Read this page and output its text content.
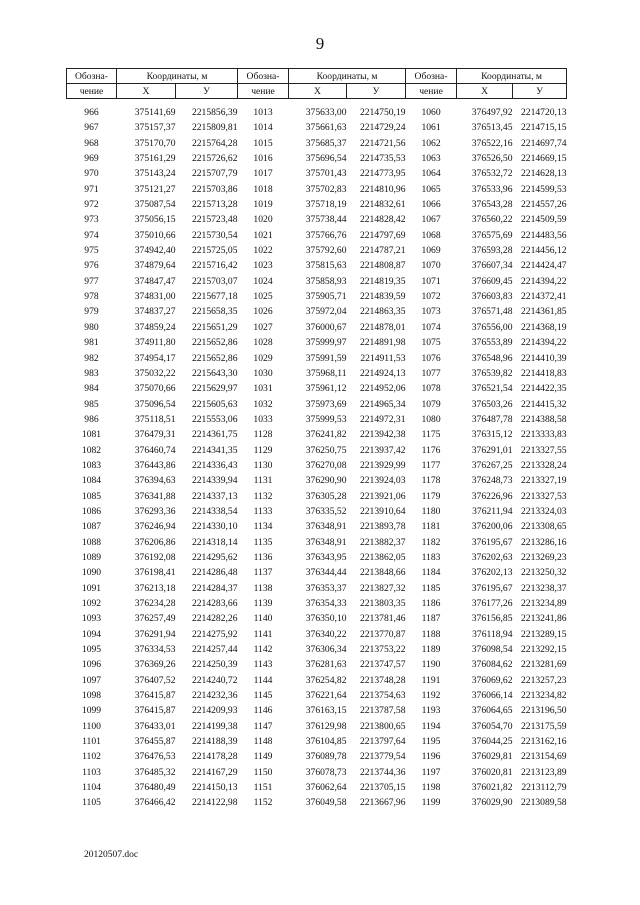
9
Обозна-	Координаты, м		Обозна-	Координаты, м		Обозна-	Координаты, м	
чение	Х	У	чение	Х	У	чение	Х	У
966	375141,69	2215856,39	1013	375633,00	2214750,19	1060	376497,92	2214720,13
967	375157,37	2215809,81	1014	375661,63	2214729,24	1061	376513,45	2214715,15
968	375170,70	2215764,28	1015	375685,37	2214721,56	1062	376522,16	2214697,74
969	375161,29	2215726,62	1016	375696,54	2214735,53	1063	376526,50	2214669,15
970	375143,24	2215707,79	1017	375701,43	2214773,95	1064	376532,72	2214628,13
971	375121,27	2215703,86	1018	375702,83	2214810,96	1065	376533,96	2214599,53
972	375087,54	2215713,28	1019	375718,19	2214832,61	1066	376543,28	2214557,26
973	375056,15	2215723,48	1020	375738,44	2214828,42	1067	376560,22	2214509,59
974	375010,66	2215730,54	1021	375766,76	2214797,69	1068	376575,69	2214483,56
975	374942,40	2215725,05	1022	375792,60	2214787,21	1069	376593,28	2214456,12
976	374879,64	2215716,42	1023	375815,63	2214808,87	1070	376607,34	2214424,47
977	374847,47	2215703,07	1024	375858,93	2214819,35	1071	376609,45	2214394,22
978	374831,00	2215677,18	1025	375905,71	2214839,59	1072	376603,83	2214372,41
979	374837,27	2215658,35	1026	375972,04	2214863,35	1073	376571,48	2214361,85
980	374859,24	2215651,29	1027	376000,67	2214878,01	1074	376556,00	2214368,19
981	374911,80	2215652,86	1028	375999,97	2214891,98	1075	376553,89	2214394,22
982	374954,17	2215652,86	1029	375991,59	2214911,53	1076	376548,96	2214410,39
983	375032,22	2215643,30	1030	375968,11	2214924,13	1077	376539,82	2214418,83
984	375070,66	2215629,97	1031	375961,12	2214952,06	1078	376521,54	2214422,35
985	375096,54	2215605,63	1032	375973,69	2214965,34	1079	376503,26	2214415,32
986	375118,51	2215553,06	1033	375999,53	2214972,31	1080	376487,78	2214388,58
1081	376479,31	2214361,75	1128	376241,82	2213942,38	1175	376315,12	2213333,83
1082	376460,74	2214341,35	1129	376250,75	2213937,42	1176	376291,01	2213327,55
1083	376443,86	2214336,43	1130	376270,08	2213929,99	1177	376267,25	2213328,24
1084	376394,63	2214339,94	1131	376290,90	2213924,03	1178	376248,73	2213327,19
1085	376341,88	2214337,13	1132	376305,28	2213921,06	1179	376226,96	2213327,53
1086	376293,36	2214338,54	1133	376335,52	2213910,64	1180	376211,94	2213324,03
1087	376246,94	2214330,10	1134	376348,91	2213893,78	1181	376200,06	2213308,65
1088	376206,86	2214318,14	1135	376348,91	2213882,37	1182	376195,67	2213286,16
1089	376192,08	2214295,62	1136	376343,95	2213862,05	1183	376202,63	2213269,23
1090	376198,41	2214286,48	1137	376344,44	2213848,66	1184	376202,13	2213250,32
1091	376213,18	2214284,37	1138	376353,37	2213827,32	1185	376195,67	2213238,37
1092	376234,28	2214283,66	1139	376354,33	2213803,35	1186	376177,26	2213234,89
1093	376257,49	2214282,26	1140	376350,10	2213781,46	1187	376156,85	2213241,86
1094	376291,94	2214275,92	1141	376340,22	2213770,87	1188	376118,94	2213289,15
1095	376334,53	2214257,44	1142	376306,34	2213753,22	1189	376098,54	2213292,15
1096	376369,26	2214250,39	1143	376281,63	2213747,57	1190	376084,62	2213281,69
1097	376407,52	2214240,72	1144	376254,82	2213748,28	1191	376069,62	2213257,23
1098	376415,87	2214232,36	1145	376221,64	2213754,63	1192	376066,14	2213234,82
1099	376415,87	2214209,93	1146	376163,15	2213787,58	1193	376064,65	2213196,50
1100	376433,01	2214199,38	1147	376129,98	2213800,65	1194	376054,70	2213175,59
1101	376455,87	2214188,39	1148	376104,85	2213797,64	1195	376044,25	2213162,16
1102	376476,53	2214178,28	1149	376089,78	2213779,54	1196	376029,81	2213154,69
1103	376485,32	2214167,29	1150	376078,73	2213744,36	1197	376020,81	2213123,89
1104	376480,49	2214150,13	1151	376062,64	2213705,15	1198	376021,82	2213112,79
1105	376466,42	2214122,98	1152	376049,58	2213667,96	1199	376029,90	2213089,58
20120507.doc
